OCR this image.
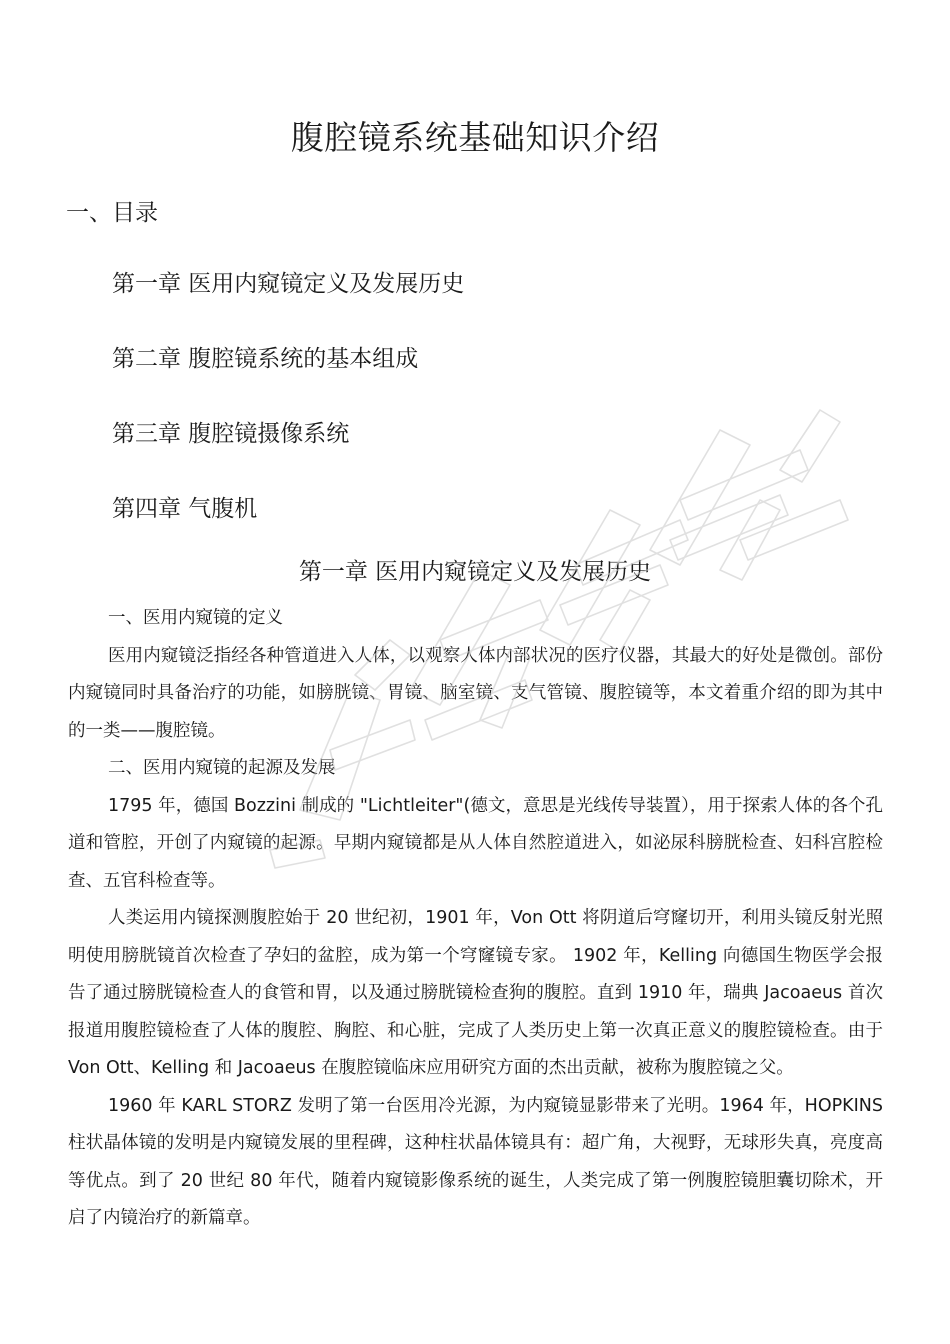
腹腔镜系统基础知识介绍
一、目录
第一章 医用内窥镜定义及发展历史
第二章 腹腔镜系统的基本组成
第三章 腹腔镜摄像系统
第四章 气腹机
第一章 医用内窥镜定义及发展历史
一、医用内窥镜的定义

医用内窥镜泛指经各种管道进入人体，以观察人体内部状况的医疗仪器，其最大的好处是微创。部份内窥镜同时具备治疗的功能，如膀胱镜、胃镜、脑室镜、支气管镜、腹腔镜等，本文着重介绍的即为其中的一类——腹腔镜。

二、医用内窥镜的起源及发展

1795 年，德国 Bozzini 制成的 "Lichtleiter"(德文，意思是光线传导装置），用于探索人体的各个孔道和管腔，开创了内窥镜的起源。早期内窥镜都是从人体自然腔道进入，如泌尿科膀胱检查、妇科宫腔检查、五官科检查等。

人类运用内镜探测腹腔始于 20 世纪初，1901 年，Von Ott 将阴道后穹窿切开，利用头镜反射光照明使用膀胱镜首次检查了孕妇的盆腔，成为第一个穹窿镜专家。 1902 年，Kelling 向德国生物医学会报告了通过膀胱镜检查人的食管和胃，以及通过膀胱镜检查狗的腹腔。直到 1910 年，瑞典 Jacoaeus 首次报道用腹腔镜检查了人体的腹腔、胸腔、和心脏，完成了人类历史上第一次真正意义的腹腔镜检查。由于 Von Ott、Kelling 和 Jacoaeus 在腹腔镜临床应用研究方面的杰出贡献，被称为腹腔镜之父。

1960 年 KARL STORZ 发明了第一台医用冷光源，为内窥镜显影带来了光明。1964 年，HOPKINS 柱状晶体镜的发明是内窥镜发展的里程碑，这种柱状晶体镜具有：超广角，大视野，无球形失真，亮度高等优点。到了 20 世纪 80 年代，随着内窥镜影像系统的诞生，人类完成了第一例腹腔镜胆囊切除术，开启了内镜治疗的新篇章。
